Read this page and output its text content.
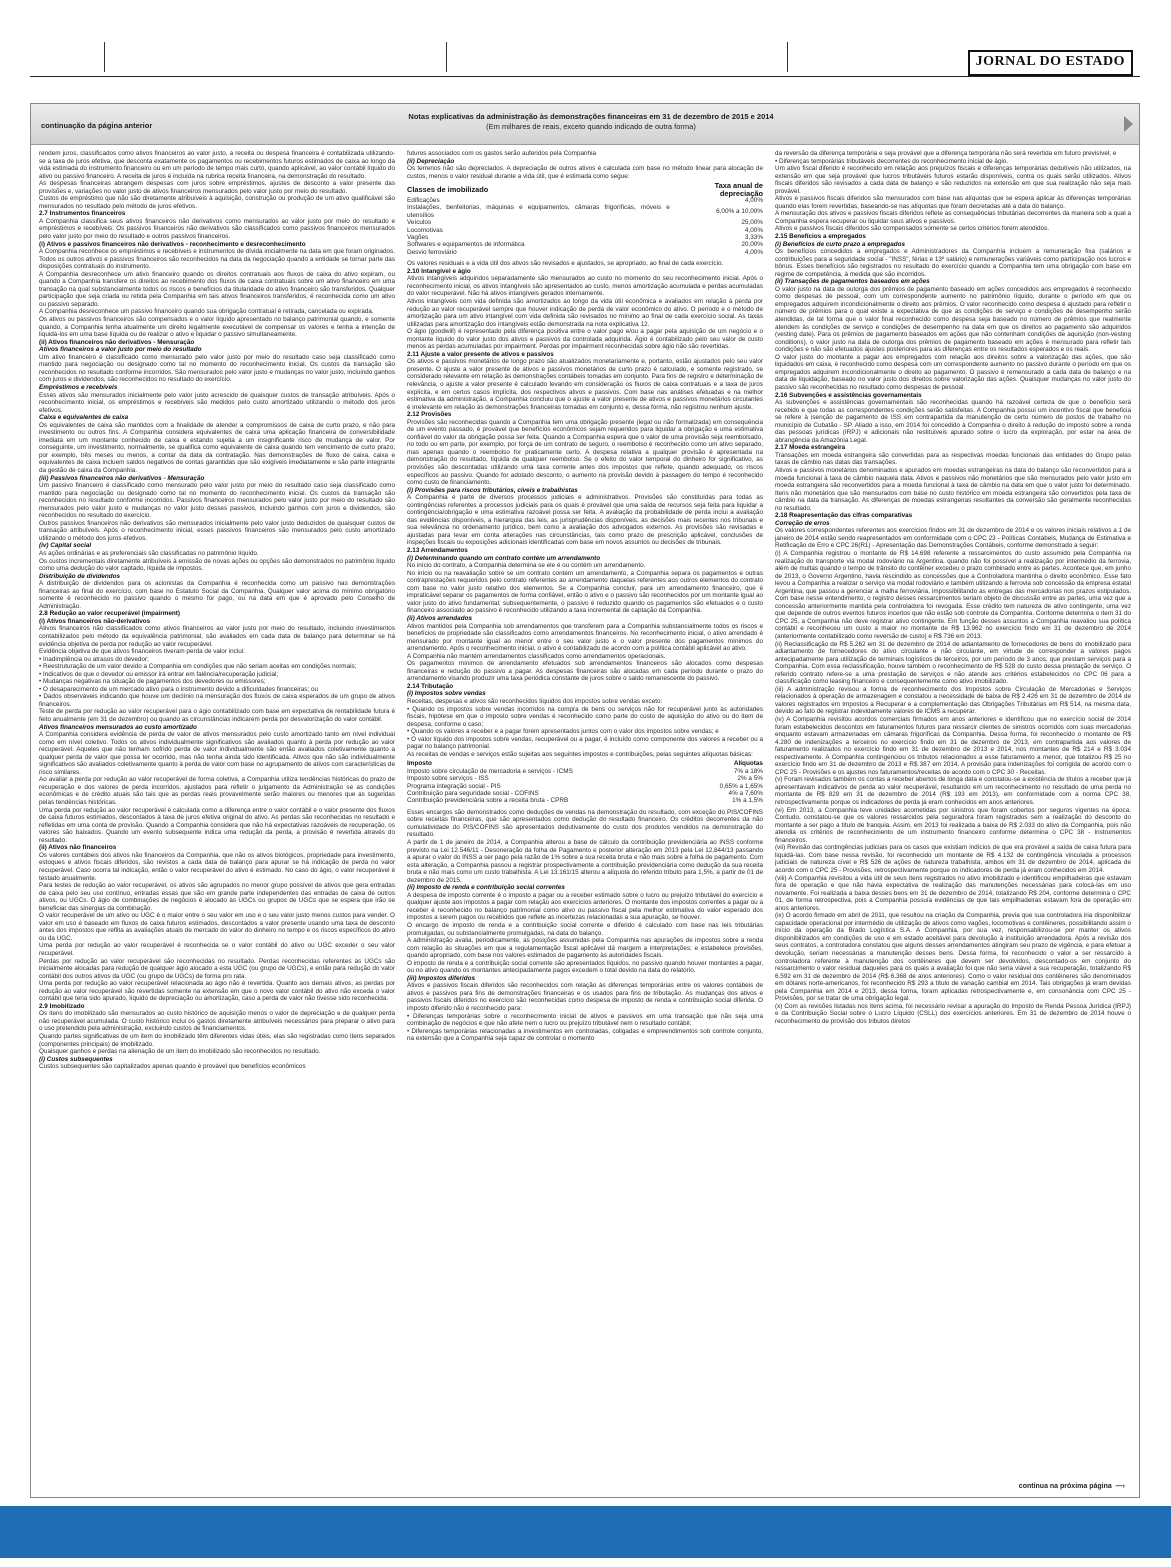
JORNAL DO ESTADO
continuação da página anterior
Notas explicativas da administração às demonstrações financeiras em 31 de dezembro de 2015 e 2014
(Em milhares de reais, exceto quando indicado de outra forma)

rendem juros, classificados como ativos financeiros ao valor justo, a receita ou despesa financeira é contabilizada utilizando-se a taxa de juros efetiva, que desconta exatamente os pagamentos ou recebimentos futuros estimados de caixa ao longo da vida estimada do instrumento financeiro ou em um período de tempo mais curto, quando aplicável, ao valor contábil líquido do ativo ou passivo financeiro. A receita de juros é incluída na rubrica receita financeira, na demonstração do resultado.

As despesas financeiras abrangem despesas com juros sobre empréstimos, ajustes de desconto a valor presente das provisões e, variações no valor justo de ativos financeiros mensurados pelo valor justo por meio do resultado.

Custos de empréstimo que não são diretamente atribuíveis à aquisição, construção ou produção de um ativo qualificável são mensurados no resultado pelo método de juros efetivos.

2.7 Instrumentos financeiros

A Companhia classifica seus ativos financeiros não derivativos como mensurados ao valor justo por meio do resultado e empréstimos e recebíveis. Os passivos financeiros não derivativos são classificados como passivos financeiros mensurados pelo valor justo por meio do resultado e outros passivos financeiros.

(i) Ativos e passivos financeiros não derivativos - reconhecimento e desreconhecimento

A Companhia reconhece os empréstimos e recebíveis e instrumentos de dívida inicialmente na data em que foram originados. Todos os outros ativos e passivos financeiros são reconhecidos na data da negociação quando a entidade se tornar parte das disposições contratuais do instrumento.

A Companhia desreconhece um ativo financeiro quando os direitos contratuais aos fluxos de caixa do ativo expiram, ou quando a Companhia transfere os direitos ao recebimento dos fluxos de caixa contratuais sobre um ativo financeiro em uma transação na qual substancialmente todos os riscos e benefícios da titularidade do ativo financeiro são transferidos. Qualquer participação que seja criada ou retida pela Companhia em tais ativos financeiros transferidos, é reconhecida como um ativo ou passivo separado.

A Companhia desreconhece um passivo financeiro quando sua obrigação contratual é retirada, cancelada ou expirada.

Os ativos ou passivos financeiros são compensados e o valor líquido apresentado no balanço patrimonial quando, e somente quando, a Companhia tenha atualmente um direito legalmente executável de compensar os valores e tenha a intenção de liquidá-los em uma base líquida ou de realizar o ativo e liquidar o passivo simultaneamente.

(ii) Ativos financeiros não derivativos - Mensuração

Ativos financeiros a valor justo por meio do resultado

Um ativo financeiro é classificado como mensurado pelo valor justo por meio do resultado caso seja classificado como mantido para negociação ou designado como tal no momento do reconhecimento inicial. Os custos da transação são reconhecidos no resultado conforme incorridos. São mensurados pelo valor justo e mudanças no valor justo, incluindo ganhos com juros e dividendos, são reconhecidos no resultado do exercício.

Empréstimos e recebíveis

Esses ativos são mensurados inicialmente pelo valor justo acrescido de quaisquer custos de transação atribuíveis. Após o reconhecimento inicial, os empréstimos e recebíveis são medidos pelo custo amortizado utilizando o método dos juros efetivos.

Caixa e equivalentes de caixa

Os equivalentes de caixa são mantidos com a finalidade de atender a compromissos de caixa de curto prazo, e não para investimento ou outros fins. A Companhia considera equivalentes de caixa uma aplicação financeira de conversibilidade imediata em um montante conhecido de caixa e estando sujeita a um insignificante risco de mudança de valor. Por conseguinte, um investimento, normalmente, se qualifica como equivalente de caixa quando tem vencimento de curto prazo; por exemplo, três meses ou menos, a contar da data da contratação. Nas demonstrações de fluxo de caixa, caixa e equivalentes de caixa incluem saldos negativos de contas garantidas que são exigíveis imediatamente e são parte integrante da gestão de caixa da Companhia.

(iii) Passivos financeiros não derivativos - Mensuração

Um passivo financeiro é classificado como mensurado pelo valor justo por meio do resultado caso seja classificado como mantido para negociação ou designado como tal no momento do reconhecimento inicial. Os custos da transação são reconhecidos no resultado conforme incorridos. Passivos financeiros mensurados pelo valor justo por meio do resultado são mensurados pelo valor justo e mudanças no valor justo desses passivos, incluindo ganhos com juros e dividendos, são reconhecidos no resultado do exercício.

Outros passivos financeiros não derivativos são mensurados inicialmente pelo valor justo deduzidos de quaisquer custos de transação atribuíveis. Após o reconhecimento inicial, esses passivos financeiros são mensurados pelo custo amortizado utilizando o método dos juros efetivos.

(iv) Capital social

As ações ordinárias e as preferenciais são classificadas no patrimônio líquido.

Os custos incrementais diretamente atribuíveis à emissão de novas ações ou opções são demonstrados no patrimônio líquido como uma dedução do valor captado, líquida de impostos.

Distribuição de dividendos

A distribuição de dividendos para os acionistas da Companhia é reconhecida como um passivo nas demonstrações financeiras ao final do exercício, com base no Estatuto Social da Companhia. Qualquer valor acima do mínimo obrigatório somente é reconhecido no passivo quando o mesmo for pago, ou na data em que é aprovado pelo Conselho de Administração.

2.8 Redução ao valor recuperável (impairment)

(i) Ativos financeiros não-derivativos

Ativos financeiros não classificados como ativos financeiros ao valor justo por meio do resultado, incluindo investimentos contabilizados pelo método da equivalência patrimonial, são avaliados em cada data de balanço para determinar se há evidência objetiva de perda por redução ao valor recuperável.

Evidência objetiva de que ativos financeiros tiveram perda de valor inclui:

• Inadimplência ou atrasos do devedor;

• Reestruturação de um valor devido a Companhia em condições que não seriam aceitas em condições normais;

• Indicativos de que o devedor ou emissor irá entrar em falência/recuperação judicial;

• Mudanças negativas na situação de pagamentos dos devedores ou emissores;

• O desaparecimento de um mercado ativo para o instrumento devido a dificuldades financeiras; ou

• Dados observáveis indicando que houve um declínio na mensuração dos fluxos de caixa esperados de um grupo de ativos financeiros.

Teste de perda por redução ao valor recuperável para o ágio contabilizado com base em expectativa de rentabilidade futura é feito anualmente (em 31 de dezembro) ou quando as circunstâncias indicarem perda por desvalorização do valor contábil.

Ativos financeiros mensurados ao custo amortizado

A Companhia considera evidência de perda de valor de ativos mensurados pelo custo amortizado tanto em nível individual como em nível coletivo. Todos os ativos individualmente significativos são avaliados quanto à perda por redução ao valor recuperável. Aqueles que não tenham sofrido perda de valor individualmente são então avaliados coletivamente quanto a qualquer perda de valor que possa ter ocorrido, mas não tenha ainda sido identificada. Ativos que não são individualmente significativos são avaliados coletivamente quanto à perda de valor com base no agrupamento de ativos com características de risco similares.

Ao avaliar a perda por redução ao valor recuperável de forma coletiva, a Companhia utiliza tendências históricas do prazo de recuperação e dos valores de perda incorridos, ajustados para refletir o julgamento da Administração se as condições econômicas e de crédito atuais são tais que as perdas reais provavelmente serão maiores ou menores que as sugeridas pelas tendências históricas.

Uma perda por redução ao valor recuperável é calculada como a diferença entre o valor contábil e o valor presente dos fluxos de caixa futuros estimados, descontados à taxa de juros efetiva original do ativo. As perdas são reconhecidas no resultado e refletidas em uma conta de provisão. Quando a Companhia considera que não há expectativas razoáveis de recuperação, os valores são baixados. Quando um evento subsequente indica uma redução da perda, a provisão é revertida através do resultado.

(ii) Ativos não financeiros

Os valores contábeis dos ativos não financeiros da Companhia, que não os ativos biológicos, propriedade para investimento, estoques e ativos fiscais diferidos, são revistos a cada data de balanço para apurar se há indicação de perda no valor recuperável. Caso ocorra tal indicação, então o valor recuperável do ativo é estimado. No caso do ágio, o valor recuperável é testado anualmente.

Para testes de redução ao valor recuperável, os ativos são agrupados no menor grupo possível de ativos que gera entradas de caixa pelo seu uso contínuo, entradas essas que são em grande parte independentes das entradas de caixa de outros ativos, ou UGCs. O ágio de combinações de negócios é alocado às UGCs ou grupos de UGCs que se espera que irão se beneficiar das sinergias da combinação.

O valor recuperável de um ativo ou UGC é o maior entre o seu valor em uso e o seu valor justo menos custos para vender. O valor em uso é baseado em fluxos de caixa futuros estimados, descontados a valor presente usando uma taxa de desconto antes dos impostos que reflita as avaliações atuais de mercado do valor do dinheiro no tempo e os riscos específicos do ativo ou da UGC.

Uma perda por redução ao valor recuperável é reconhecida se o valor contábil do ativo ou UGC exceder o seu valor recuperável.

Perdas por redução ao valor recuperável são reconhecidas no resultado. Perdas reconhecidas referentes às UGCs são inicialmente alocadas para redução de qualquer ágio alocado a esta UGC (ou grupo de UGCs), e então para redução do valor contábil dos outros ativos da UGC (ou grupo de UGCs) de forma pro rata.

Uma perda por redução ao valor recuperável relacionada ao ágio não é revertida. Quanto aos demais ativos, as perdas por redução ao valor recuperável são revertidas somente na extensão em que o novo valor contábil do ativo não exceda o valor contábil que teria sido apurado, líquido de depreciação ou amortização, caso a perda de valor não tivesse sido reconhecida.

2.9 Imobilizado

Os itens do imobilizado são mensurados ao custo histórico de aquisição menos o valor de depreciação e de qualquer perda não recuperável acumulada. O custo histórico inclui os gastos diretamente atribuíveis necessários para preparar o ativo para o uso pretendido pela administração, excluindo custos de financiamentos.

Quando partes significativas de um item do imobilizado têm diferentes vidas úteis, elas são registradas como itens separados (componentes principais) de imobilizado.

Quaisquer ganhos e perdas na alienação de um item do imobilizado são reconhecidos no resultado.

(i) Custos subsequentes

Custos subsequentes são capitalizados apenas quando é provável que benefícios econômicos

futuros associados com os gastos serão auferidos pela Companhia

(ii) Depreciação

Os terrenos não são depreciados. A depreciação de outros ativos é calculada com base no método linear para alocação de custos, menos o valor residual durante a vida útil, que é estimada como segue:

Classes de imobilizado	Taxa anual de depreciação
Edificações	4,00%
Instalações, benfeitorias, máquinas e equipamentos, câmaras frigoríficas, móveis e utensílios	6,00% a 10,00%
Veículos	25,00%
Locomotivas	4,00%
Vagões	3,33%
Softwares e equipamentos de informática	20,00%
Desvio ferroviário	4,00%

Os valores residuais e a vida útil dos ativos são revisados e ajustados, se apropriado, ao final de cada exercício.

2.10 Intangível e ágio

Ativos intangíveis adquiridos separadamente são mensurados ao custo no momento do seu reconhecimento inicial. Após o reconhecimento inicial, os ativos intangíveis são apresentados ao custo, menos amortização acumulada e perdas acumuladas do valor recuperável. Não há ativos intangíveis gerados internamente.

Ativos intangíveis com vida definida são amortizados ao longo da vida útil econômica e avaliados em relação à perda por redução ao valor recuperável sempre que houver indicação de perda de valor econômico do ativo. O período e o método de amortização para um ativo intangível com vida definida são revisados no mínimo ao final de cada exercício social. As taxas utilizadas para amortização dos intangíveis estão demonstrada na nota explicativa 12.

O ágio (goodwill) é representado pela diferença positiva entre o valor pago e/ou a pagar pela aquisição de um negócio e o montante líquido do valor justo dos ativos e passivos da controlada adquirida. Ágio é contabilizado pelo seu valor de custo menos as perdas acumuladas por impairment. Perdas por impairment reconhecidas sobre ágio não são revertidas.

2.11 Ajuste a valor presente de ativos e passivos

Os ativos e passivos monetários de longo prazo são atualizados monetariamente e, portanto, estão ajustados pelo seu valor presente. O ajuste a valor presente de ativos e passivos monetários de curto prazo é calculado, e somente registrado, se considerado relevante em relação às demonstrações contábeis tomadas em conjunto. Para fins de registro e determinação de relevância, o ajuste a valor presente é calculado levando em consideração os fluxos de caixa contratuais e a taxa de juros explícita, e em certos casos implícita, dos respectivos ativos e passivos. Com base nas análises efetuadas e na melhor estimativa da administração, a Companhia concluiu que o ajuste a valor presente de ativos e passivos monetários circulantes é irrelevante em relação às demonstrações financeiras tomadas em conjunto e, dessa forma, não registrou nenhum ajuste.

2.12 Provisões

Provisões são reconhecidas quando a Companhia tem uma obrigação presente (legal ou não formalizada) em consequência de um evento passado, é provável que benefícios econômicos sejam requeridos para liquidar a obrigação e uma estimativa confiável do valor da obrigação possa ser feita. Quando a Companhia espera que o valor de uma provisão seja reembolsado, no todo ou em parte, por exemplo, por força de um contrato de seguro, o reembolso é reconhecido como um ativo separado, mas apenas quando o reembolso for praticamente certo. A despesa relativa a qualquer provisão é apresentada na demonstração do resultado, líquida de qualquer reembolso. Se o efeito do valor temporal do dinheiro for significativo, as provisões são descontadas utilizando uma taxa corrente antes dos impostos que reflete, quando adequado, os riscos específicos ao passivo. Quando for adotado desconto, o aumento na provisão devido à passagem do tempo é reconhecido como custo de financiamento.

(i) Provisões para riscos tributários, cíveis e trabalhistas

A Companhia é parte de diversos processos judiciais e administrativos. Provisões são constituídas para todas as contingências referentes a processos judiciais para os quais é provável que uma saída de recursos seja feita para liquidar a contingência/obrigação e uma estimativa razoável possa ser feita. A avaliação da probabilidade de perda inclui a avaliação das evidências disponíveis, a hierarquia das leis, as jurisprudências disponíveis, as decisões mais recentes nos tribunais e sua relevância no ordenamento jurídico, bem como a avaliação dos advogados externos. As provisões são revisadas e ajustadas para levar em conta alterações nas circunstâncias, tais como prazo de prescrição aplicável, conclusões de inspeções fiscais ou exposições adicionais identificadas com base em novos assuntos ou decisões de tribunais.

2.13 Arrendamentos

(i) Determinando quando um contrato contém um arrendamento

No início do contrato, a Companhia determina se ele é ou contém um arrendamento.

No início ou na reavaliação sobre se um contrato contém um arrendamento, a Companhia separa os pagamentos e outras contraprestações requeridos pelo contrato referentes ao arrendamento daquelas referentes aos outros elementos do contrato com base no valor justo relativo dos elementos. Se a Companhia concluir, para um arrendamento financeiro, que é impraticável separar os pagamentos de forma confiável, então o ativo e o passivo são reconhecidos por um montante igual ao valor justo do ativo fundamental; subsequentemente, o passivo é reduzido quando os pagamentos são efetuados e o custo financeiro associado ao passivo é reconhecido utilizando a taxa incremental de captação da Companhia.

(ii) Ativos arrendados

Ativos mantidos pela Companhia sob arrendamentos que transferem para a Companhia substancialmente todos os riscos e benefícios de propriedade são classificados como arrendamentos financeiros. No reconhecimento inicial, o ativo arrendado é mensurado por montante igual ao menor entre o seu valor justo e o valor presente dos pagamentos mínimos do arrendamento. Após o reconhecimento inicial, o ativo é contabilizado de acordo com a política contábil aplicável ao ativo.

A Companhia não mantém arrendamentos classificados como arrendamentos operacionais.

Os pagamentos mínimos de arrendamento efetuados sob arrendamentos financeiros são alocados como despesas financeiras e redução do passivo a pagar. As despesas financeiras são alocadas em cada período durante o prazo do arrendamento visando produzir uma taxa periódica constante de juros sobre o saldo remanescente do passivo.

2.14 Tributação

(i) Impostos sobre vendas

Receitas, despesas e ativos são reconhecidos líquidos dos impostos sobre vendas exceto:

• Quando os impostos sobre vendas incorridos na compra de bens ou serviços não for recuperável junto às autoridades fiscais, hipótese em que o imposto sobre vendas é reconhecido como parte do custo de aquisição do ativo ou do item de despesa, conforme o caso;

• Quando os valores a receber e a pagar forem apresentados juntos com o valor dos impostos sobre vendas; e

• O valor líquido dos impostos sobre vendas, recuperável ou a pagar, é incluído como componente dos valores a receber ou a pagar no balanço patrimonial.

As receitas de vendas e serviços estão sujeitas aos seguintes impostos e contribuições, pelas seguintes alíquotas básicas:

Imposto	Alíquotas
Imposto sobre circulação de mercadoria e serviços - ICMS	7% a 18%
Imposto sobre serviços - ISS	2% a 5%
Programa integração social - PIS	0,65% a 1,65%
Contribuição para seguridade social - COFINS	4% a 7,60%
Contribuição previdenciária sobre a receita bruta - CPRB	1% a 1,5%

Esses encargos são demonstrados como deduções de vendas na demonstração do resultado, com exceção do PIS/COFINS sobre receitas financeiras, que são apresentados como dedução do resultado financeiro. Os créditos decorrentes da não cumulatividade do PIS/COFINS são apresentados dedutivamente do custo dos produtos vendidos na demonstração do resultado.

A partir de 1 de janeiro de 2014, a Companhia alterou a base de cálculo da contribuição previdenciária ao INSS conforme previsto na Lei 12.546/11 - Desoneração da folha de Pagamento e posterior alteração em 2013 pela Lei 12.844/13 passando a apurar o valor do INSS a ser pago pela razão de 1% sobre a sua receita bruta e não mais sobre a folha de pagamento. Com esta alteração, a Companhia passou a registrar prospectivamente a contribuição previdenciária como dedução da sua receita bruta e não mais como um custo trabalhista. A Lei 13.161/15 alterou a alíquota do referido tributo para 1,5%, a partir de 01 de dezembro de 2015.

(ii) Imposto de renda e contribuição social correntes

A despesa de imposto corrente é o imposto a pagar ou a receber estimado sobre o lucro ou prejuízo tributável do exercício e qualquer ajuste aos impostos a pagar com relação aos exercícios anteriores. O montante dos impostos correntes a pagar ou a receber é reconhecido no balanço patrimonial como ativo ou passivo fiscal pela melhor estimativa do valor esperado dos impostos a serem pagos ou recebidos que reflete as incertezas relacionadas a sua apuração, se houver.

O encargo de imposto de renda e a contribuição social corrente e diferido é calculado com base nas leis tributárias promulgadas, ou substancialmente promulgadas, na data do balanço.

A administração avalia, periodicamente, as posições assumidas pela Companhia nas apurações de impostos sobre a renda com relação às situações em que a regulamentação fiscal aplicável dá margem a interpretações; e estabelece provisões, quando apropriado, com base nos valores estimados de pagamento às autoridades fiscais.

O imposto de renda e a contribuição social corrente são apresentados líquidos, no passivo quando houver montantes a pagar, ou no ativo quando os montantes antecipadamente pagos excedem o total devido na data do relatório.

(iii) Impostos diferidos

Ativos e passivos fiscais diferidos são reconhecidos com relação às diferenças temporárias entre os valores contábeis de ativos e passivos para fins de demonstrações financeiras e os usados para fins de tributação. As mudanças dos ativos e passivos fiscais diferidos no exercício são reconhecidas como despesa de imposto de renda e contribuição social diferida. O imposto diferido não é reconhecido para:

• Diferenças temporárias sobre o reconhecimento inicial de ativos e passivos em uma transação que não seja uma combinação de negócios e que não afete nem o lucro ou prejuízo tributável nem o resultado contábil;

• Diferenças temporárias relacionadas a investimentos em controladas, coligadas e empreendimentos sob controle conjunto, na extensão que a Companhia seja capaz de controlar o momento

da reversão da diferença temporária e seja provável que a diferença temporária não será revertida em futuro previsível; e

• Diferenças temporárias tributáveis decorrentes do reconhecimento inicial de ágio.

Um ativo fiscal diferido é reconhecido em relação aos prejuízos fiscais e diferenças temporárias dedutíveis não utilizados, na extensão em que seja provável que lucros tributáveis futuros estarão disponíveis, contra os quais serão utilizados. Ativos fiscais diferidos são revisados a cada data de balanço e são reduzidos na extensão em que sua realização não seja mais provável.

Ativos e passivos fiscais diferidos são mensurados com base nas alíquotas que se espera aplicar às diferenças temporárias quando elas forem revertidas, baseando-se nas alíquotas que foram decretadas até a data do balanço.

A mensuração dos ativos e passivos fiscais diferidos reflete as consequências tributárias decorrentes da maneira sob a qual a Companhia espera recuperar ou liquidar seus ativos e passivos.

Ativos e passivos fiscais diferidos são compensados somente se certos critérios forem atendidos.

2.15 Benefícios a empregados

(i) Benefícios de curto prazo a empregados

Os benefícios concedidos a empregados e Administradores da Companhia incluem a remuneração fixa (salários e contribuições para a seguridade social - "INSS", férias e 13º salário) e remunerações variáveis como participação nos lucros e bônus. Esses benefícios são registrados no resultado do exercício quando a Companhia tem uma obrigação com base em regime de competência, à medida que são incorridos.

(ii) Transações de pagamentos baseados em ações

O valor justo na data de outorga dos prêmios de pagamento baseado em ações concedidos aos empregados é reconhecido como despesas de pessoal, com um correspondente aumento no patrimônio líquido, durante o período em que os empregados adquirem incondicionalmente o direito aos prêmios. O valor reconhecido como despesa é ajustado para refletir o número de prêmios para o qual existe a expectativa de que as condições de serviço e condições de desempenho serão atendidas, de tal forma que o valor final reconhecido como despesa seja baseado no número de prêmios que realmente atendem às condições de serviço e condições de desempenho na data em que os direitos ao pagamento são adquiridos (vesting date). Para os prêmios de pagamento baseados em ações que não contenham condições de aquisição (non-vesting conditions), o valor justo na data de outorga dos prêmios de pagamento baseado em ações é mensurado para refletir tais condições e não são efetuados ajustes posteriores para as diferenças entre os resultados esperados e os reais.

O valor justo do montante a pagar aos empregados com relação aos direitos sobre a valorização das ações, que são liquidados em caixa, é reconhecido como despesa com um correspondente aumento no passivo durante o período em que os empregados adquirem incondicionalmente o direito ao pagamento. O passivo é remensurado a cada data de balanço e na data de liquidação, baseado no valor justo dos direitos sobre valorização das ações. Quaisquer mudanças no valor justo do passivo são reconhecidas no resultado como despesas de pessoal.

2.16 Subvenções e assistências governamentais

As subvenções e assistências governamentais são reconhecidas quando há razoável certeza de que o benefício será recebido e que todas as correspondentes condições serão satisfeitas. A Companhia possui um incentivo fiscal que beneficia se refere à isenção de pagamento de ISS em contrapartida da manutenção de certo número de postos de trabalho no município de Cubatão - SP. Aliado a isso, em 2014 foi concedido à Companhia o direito à redução do imposto sobre a renda das pessoas jurídicas (IRPJ) e adicionais não restituíveis apurado sobre o lucro da exploração, por estar na área de abrangência da Amazônia Legal.

2.17 Moeda estrangeira

Transações em moeda estrangeira são convertidas para as respectivas moedas funcionais das entidades do Grupo pelas taxas de câmbio nas datas das transações.

Ativos e passivos monetários denominados e apurados em moedas estrangeiras na data do balanço são reconvertidos para a moeda funcional à taxa de câmbio naquela data. Ativos e passivos não monetários que são mensurados pelo valor justo em moeda estrangeira são reconvertidos para a moeda funcional à taxa de câmbio na data em que o valor justo foi determinado. Itens não monetários que são mensurados com base no custo histórico em moeda estrangeira são convertidos pela taxa de câmbio na data da transação. As diferenças de moedas estrangeiras resultantes da conversão são geralmente reconhecidas no resultado.

2.18 Reapresentação das cifras comparativas

Correção de erros

Os valores correspondentes referentes aos exercícios findos em 31 de dezembro de 2014 e os valores iniciais relativos a 1 de janeiro de 2014 estão sendo reapresentados em conformidade com o CPC 23 - Políticas Contábeis, Mudança de Estimativa e Retificação de Erro e CPC 26(R1) - Apresentação das Demonstrações Contábeis, conforme demonstrado a seguir:

(i) A Companhia registrou o montante de R$ 14.698 referente a ressarcimentos do custo assumido pela Companhia na realização do transporte via modal rodoviário na Argentina, quando não foi possível a realização por intermédio da ferrovia, além de multas quando o tempo de trânsito do contêiner excedeu o prazo combinado entre as partes. Acontece que, em junho de 2013, o Governo Argentino, havia rescindido as concessões que a Controladora mantinha o direito econômico. Esse fato levou a Companhia a realizar o serviço via modal rodoviário e também utilizando a ferrovia sob concessão da empresa estatal Argentina, que passou a gerenciar a malha ferroviária, impossibilitando as entregas das mercadorias nos prazos estipulados. Com base nesse entendimento, o registro desses ressarcimentos seriam objeto de discussão entre as partes, uma vez que a concessão anteriormente mantida pela controladora foi revogada. Esse crédito tem natureza de ativo contingente, uma vez que depende de outros eventos futuros incertos que não estão sob controle da Companhia. Conforme determina o item 31 do CPC 25, a Companhia não deve registrar ativo contingente. Em função desses assuntos a Companhia reavaliou sua política contábil e reconheceu um custo a maior no montante de R$ 13.962 no exercício findo em 31 de dezembro de 2014 (anteriormente contabilizado como reversão de custo) e R$ 736 em 2013.

(ii) Reclassificação de R$ 5.262 em 31 de dezembro de 2014 de adiantamento de fornecedores de bens do imobilizado para adiantamento de fornecedores do ativo circulante e não circulante, em virtude de corresponder a valores pagos antecipadamente para utilização de terminais logísticos de terceiros, por um período de 3 anos, que prestam serviços para a Companhia. Com essa reclassificação, houve também o reconhecimento de R$ 528 do custo dessa prestação de serviço. O referido contrato refere-se a uma prestação de serviços e não atende aos critérios estabelecidos no CPC 06 para a classificação como leasing financeiro e consequentemente como ativo imobilizado.

(iii) A administração revisou a forma de reconhecimento dos Impostos sobre Circulação de Mercadorias e Serviços relacionados à operação de armazenagem e constatou a necessidade de baixa de R$ 2.426 em 31 de dezembro de 2014 de valores registrados em Impostos a Recuperar e a complementação das Obrigações Tributárias em R$ 514, na mesma data, devido ao fato de registrar indevidamente valores de ICMS a recuperar.

(iv) A Companhia revisitou acordos comerciais firmados em anos anteriores e identificou que no exercício social de 2014 foram estabelecidos descontos em faturamentos futuros para ressarcir clientes de sinistros ocorridos com suas mercadorias enquanto estavam armazenadas em câmaras frigoríficas da Companhia. Dessa forma, foi reconhecido o montante de R$ 4.280 de indenizações a terceiros no exercício findo em 31 de dezembro de 2013, em contrapartida aos valores de faturamento realizados no exercício findo em 31 de dezembro de 2013 e 2014, nos montantes de R$ 214 e R$ 3.034 respectivamente. A Companhia contingenciou os tributos relacionados a esse faturamento a menor, que totalizou R$ 25 no exercício findo em 31 de dezembro de 2013 e R$ 387 em 2014. A provisão para indenizações foi corrigida de acordo com o CPC 25 - Provisões e os ajustes nos faturamentos/receitas de acordo com o CPC 30 - Receitas.

(v) Foram revisados também os contas a receber abertos de longa data e constatou-se a existência de títulos a receber que já apresentavam indicativos de perda ao valor recuperável, resultando em um reconhecimento no resultado de uma perda no montante de R$ 829 em 31 de dezembro de 2014 (R$ 193 em 2013), em conformidade com a norma CPC 38, retrospectivamente porque os indicadores de perda já eram conhecidos em anos anteriores.

(vi) Em 2013, a Companhia teve unidades acometidas por sinistros que foram cobertos por seguros vigentes na época. Contudo, constatou-se que os valores ressarcidos pela seguradora foram registrados sem a realização do desconto do montante a ser pago a título de franquia. Assim, em 2013 foi realizada a baixa de R$ 2.033 do ativo da Companhia, pois não atendia os critérios de reconhecimento de um instrumento financeiro conforme determina o CPC 38 - Instrumentos financeiros.

(vii) Revisão das contingências judiciais para os casos que existiam indícios de que era provável a saída de caixa futura para liquidá-las. Com base nessa revisão, foi reconhecido um montante de R$ 4.132 de contingência vinculada a processos judiciais de natureza cível e R$ 526 de ações de natureza trabalhista, ambos em 31 de dezembro de 2014, aplicada de acordo com o CPC 25 - Provisões, retrospectivamente porque os indicadores de perda já eram conhecidos em 2014.

(viii) A Companhia revisitou a vida útil de seus itens registrados no ativo imobilizado e identificou empilhadeiras que estavam fora de operação e que não havia expectativa de realização das manutenções necessárias para colocá-las em uso novamente. Foi realizada a baixa desses bens em 31 de dezembro de 2014, totalizando R$ 204, conforme determina o CPC 01, de forma retrospectiva, pois a Companhia possuía evidências de que tais empilhadeiras estavam fora de operação em anos anteriores.

(ix) O acordo firmado em abril de 2011, que resultou na criação da Companhia, previa que sua controladora iria disponibilizar capacidade operacional por intermédio de utilização de ativos como vagões, locomotivas e contêineres, possibilitando assim o início da operação da Brado Logística S.A. A Companhia, por sua vez, responsabilizou-se por manter os ativos disponibilizados em condições de uso e em estado aceitável para devolução à instituição arrendadora. Após a revisão dos seus contratos, a controladora constatou que alguns desses arrendamentos atingiram seu prazo de vigência, e para efetuar a devolução, seriam necessárias a manutenção desses bens. Dessa forma, foi reconhecido o valor a ser ressarcido à controladora referente à manutenção dos contêineres que devem ser devolvidos, descontado-os em conjunto do ressarcimento o valor residual daqueles para os quais a avaliação foi que não seria viável a sua recuperação, totalizando R$ 6.592 em 31 de dezembro de 2014 (R$ 6.368 de anos anteriores). Como o valor residual dos contêineres são denominados em dólares norte-americanos, foi reconhecido R$ 293 a título de variação cambial em 2014. Tais obrigações já eram devidas pela Companhia em 2014 e 2013, dessa forma, foram aplicadas retrospectivamente e, em consonância com CPC 25 - Provisões, por se tratar de uma obrigação legal.

(x) Com as revisões listadas nos itens acima, foi necessário revisar a apuração do Imposto de Renda Pessoa Jurídica (IRPJ) e da Contribuição Social sobre o Lucro Líquido (CSLL) dos exercícios anteriores. Em 31 de dezembro de 2014 houve o reconhecimento de provisão dos tributos diretos

continua na próxima página  —›
